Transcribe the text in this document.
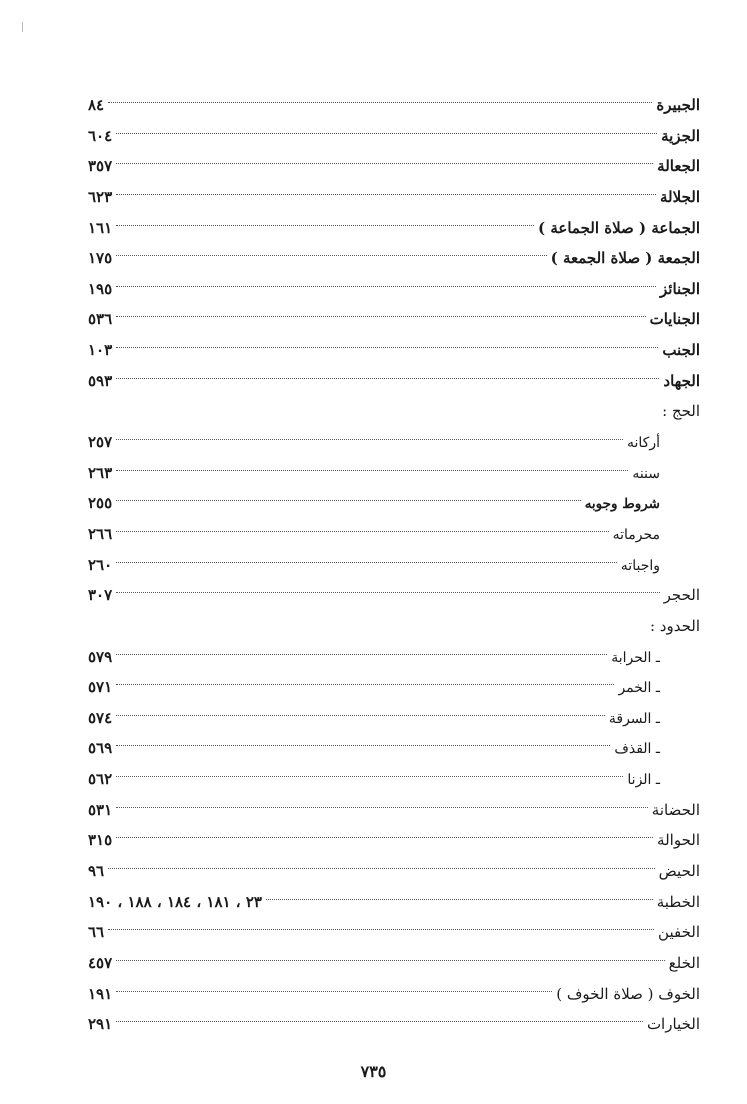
الجبيرة
٨٤
الجزية
٦٠٤
الجعالة
٣٥٧
الجلالة
٦٢٣
الجماعة ( صلاة الجماعة )
١٦١
الجمعة ( صلاة الجمعة )
١٧٥
الجنائز
١٩٥
الجنايات
٥٣٦
الجنب
١٠٣
الجهاد
٥٩٣
الحج :
أركانه
٢٥٧
سننه
٢٦٣
شروط وجوبه
٢٥٥
محرماته
٢٦٦
واجباته
٢٦٠
الحجر
٣٠٧
الحدود :
ـ الحرابة
٥٧٩
ـ الخمر
٥٧١
ـ السرقة
٥٧٤
ـ القذف
٥٦٩
ـ الزنا
٥٦٢
الحضانة
٥٣١
الحوالة
٣١٥
الحيض
٩٦
الخطبة
٢٣ ، ١٨١ ، ١٨٤ ، ١٨٨ ، ١٩٠
الخفين
٦٦
الخلع
٤٥٧
الخوف ( صلاة الخوف )
١٩١
الخيارات
٢٩١
٧٣٥
